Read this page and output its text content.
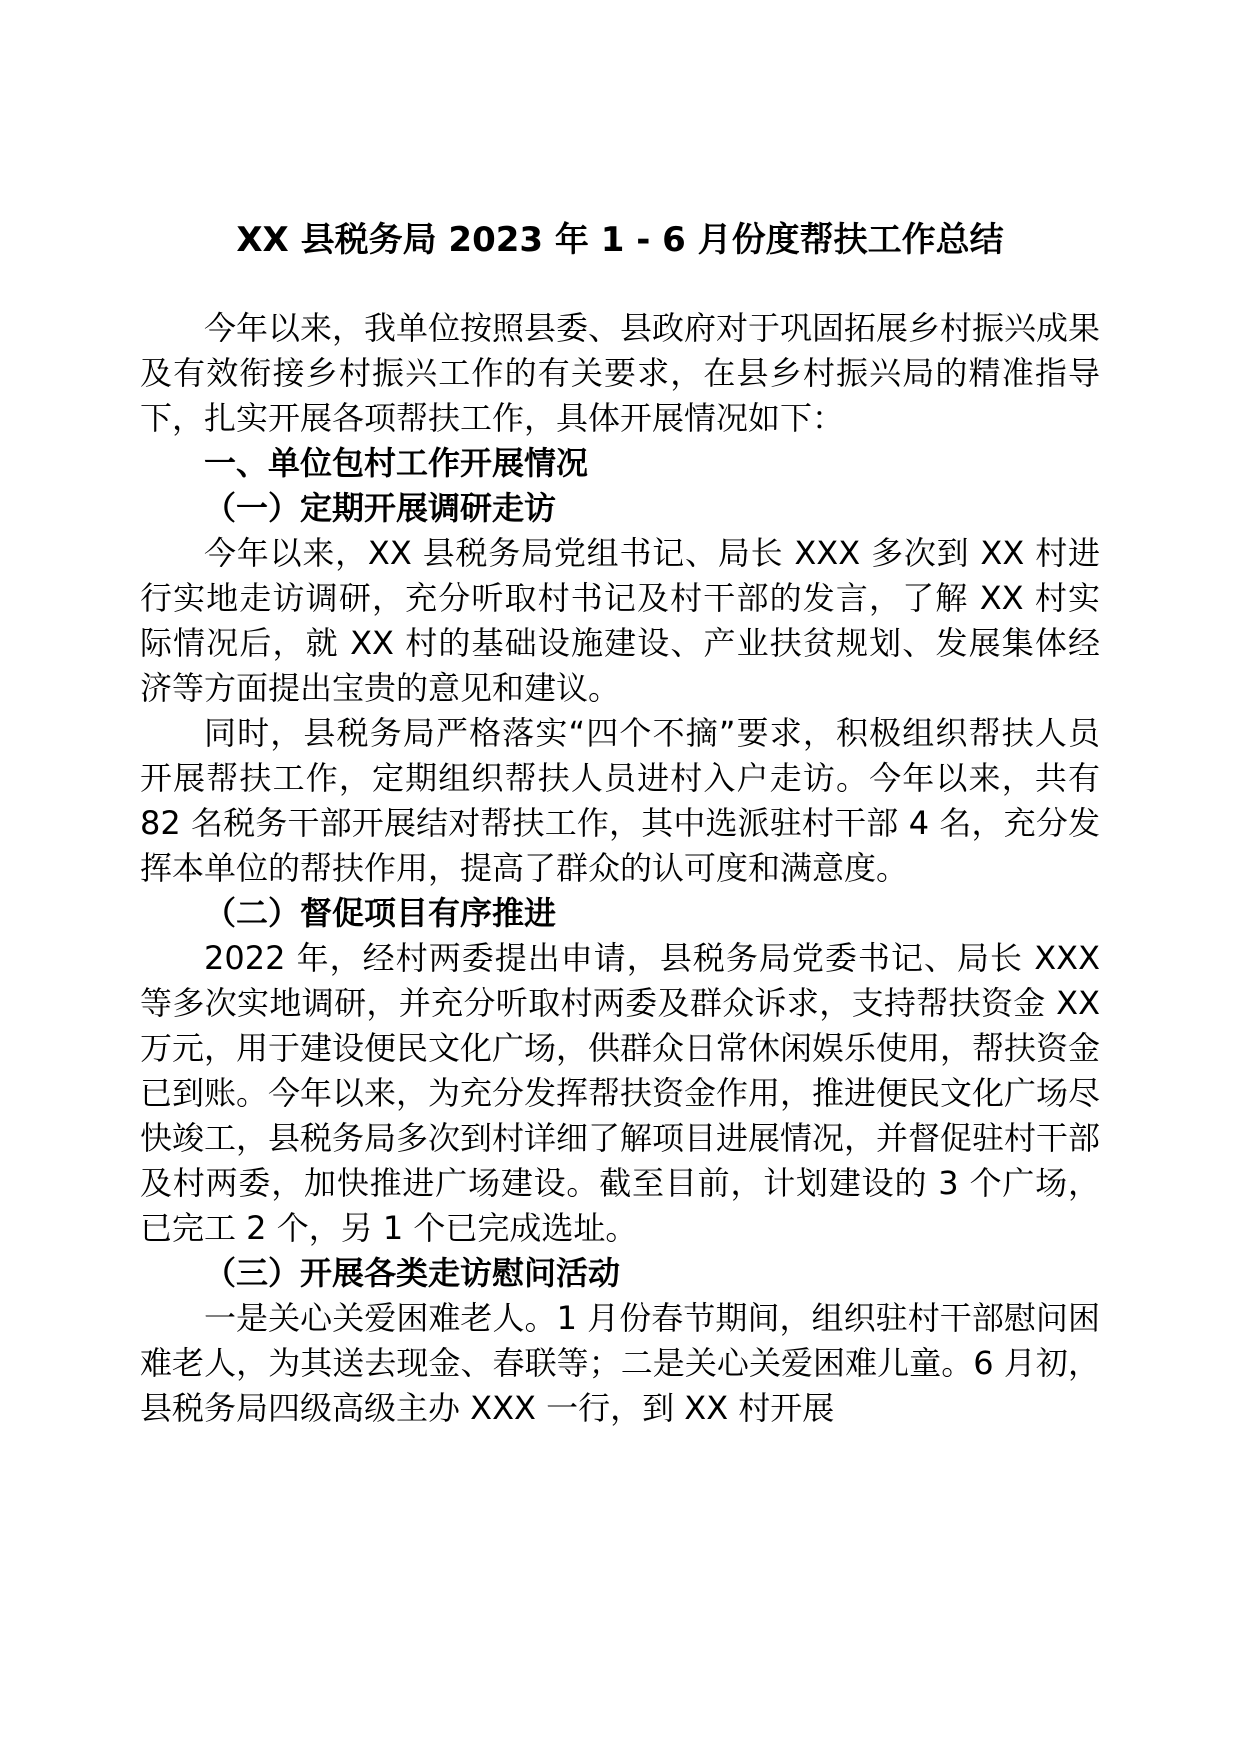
XX 县税务局 2023 年 1 - 6 月份度帮扶工作总结

今年以来，我单位按照县委、县政府对于巩固拓展乡村振兴成果及有效衔接乡村振兴工作的有关要求，在县乡村振兴局的精准指导下，扎实开展各项帮扶工作，具体开展情况如下：

一、单位包村工作开展情况
（一）定期开展调研走访

今年以来，XX 县税务局党组书记、局长 XXX 多次到 XX 村进行实地走访调研，充分听取村书记及村干部的发言，了解 XX 村实际情况后，就 XX 村的基础设施建设、产业扶贫规划、发展集体经济等方面提出宝贵的意见和建议。

同时，县税务局严格落实“四个不摘”要求，积极组织帮扶人员开展帮扶工作，定期组织帮扶人员进村入户走访。今年以来，共有 82 名税务干部开展结对帮扶工作，其中选派驻村干部 4 名，充分发挥本单位的帮扶作用，提高了群众的认可度和满意度。

（二）督促项目有序推进

2022 年，经村两委提出申请，县税务局党委书记、局长 XXX 等多次实地调研，并充分听取村两委及群众诉求，支持帮扶资金 XX 万元，用于建设便民文化广场，供群众日常休闲娱乐使用，帮扶资金已到账。今年以来，为充分发挥帮扶资金作用，推进便民文化广场尽快竣工，县税务局多次到村详细了解项目进展情况，并督促驻村干部及村两委，加快推进广场建设。截至目前，计划建设的 3 个广场，已完工 2 个，另 1 个已完成选址。

（三）开展各类走访慰问活动

一是关心关爱困难老人。1 月份春节期间，组织驻村干部慰问困难老人，为其送去现金、春联等；二是关心关爱困难儿童。6 月初，县税务局四级高级主办 XXX 一行，到 XX 村开展
